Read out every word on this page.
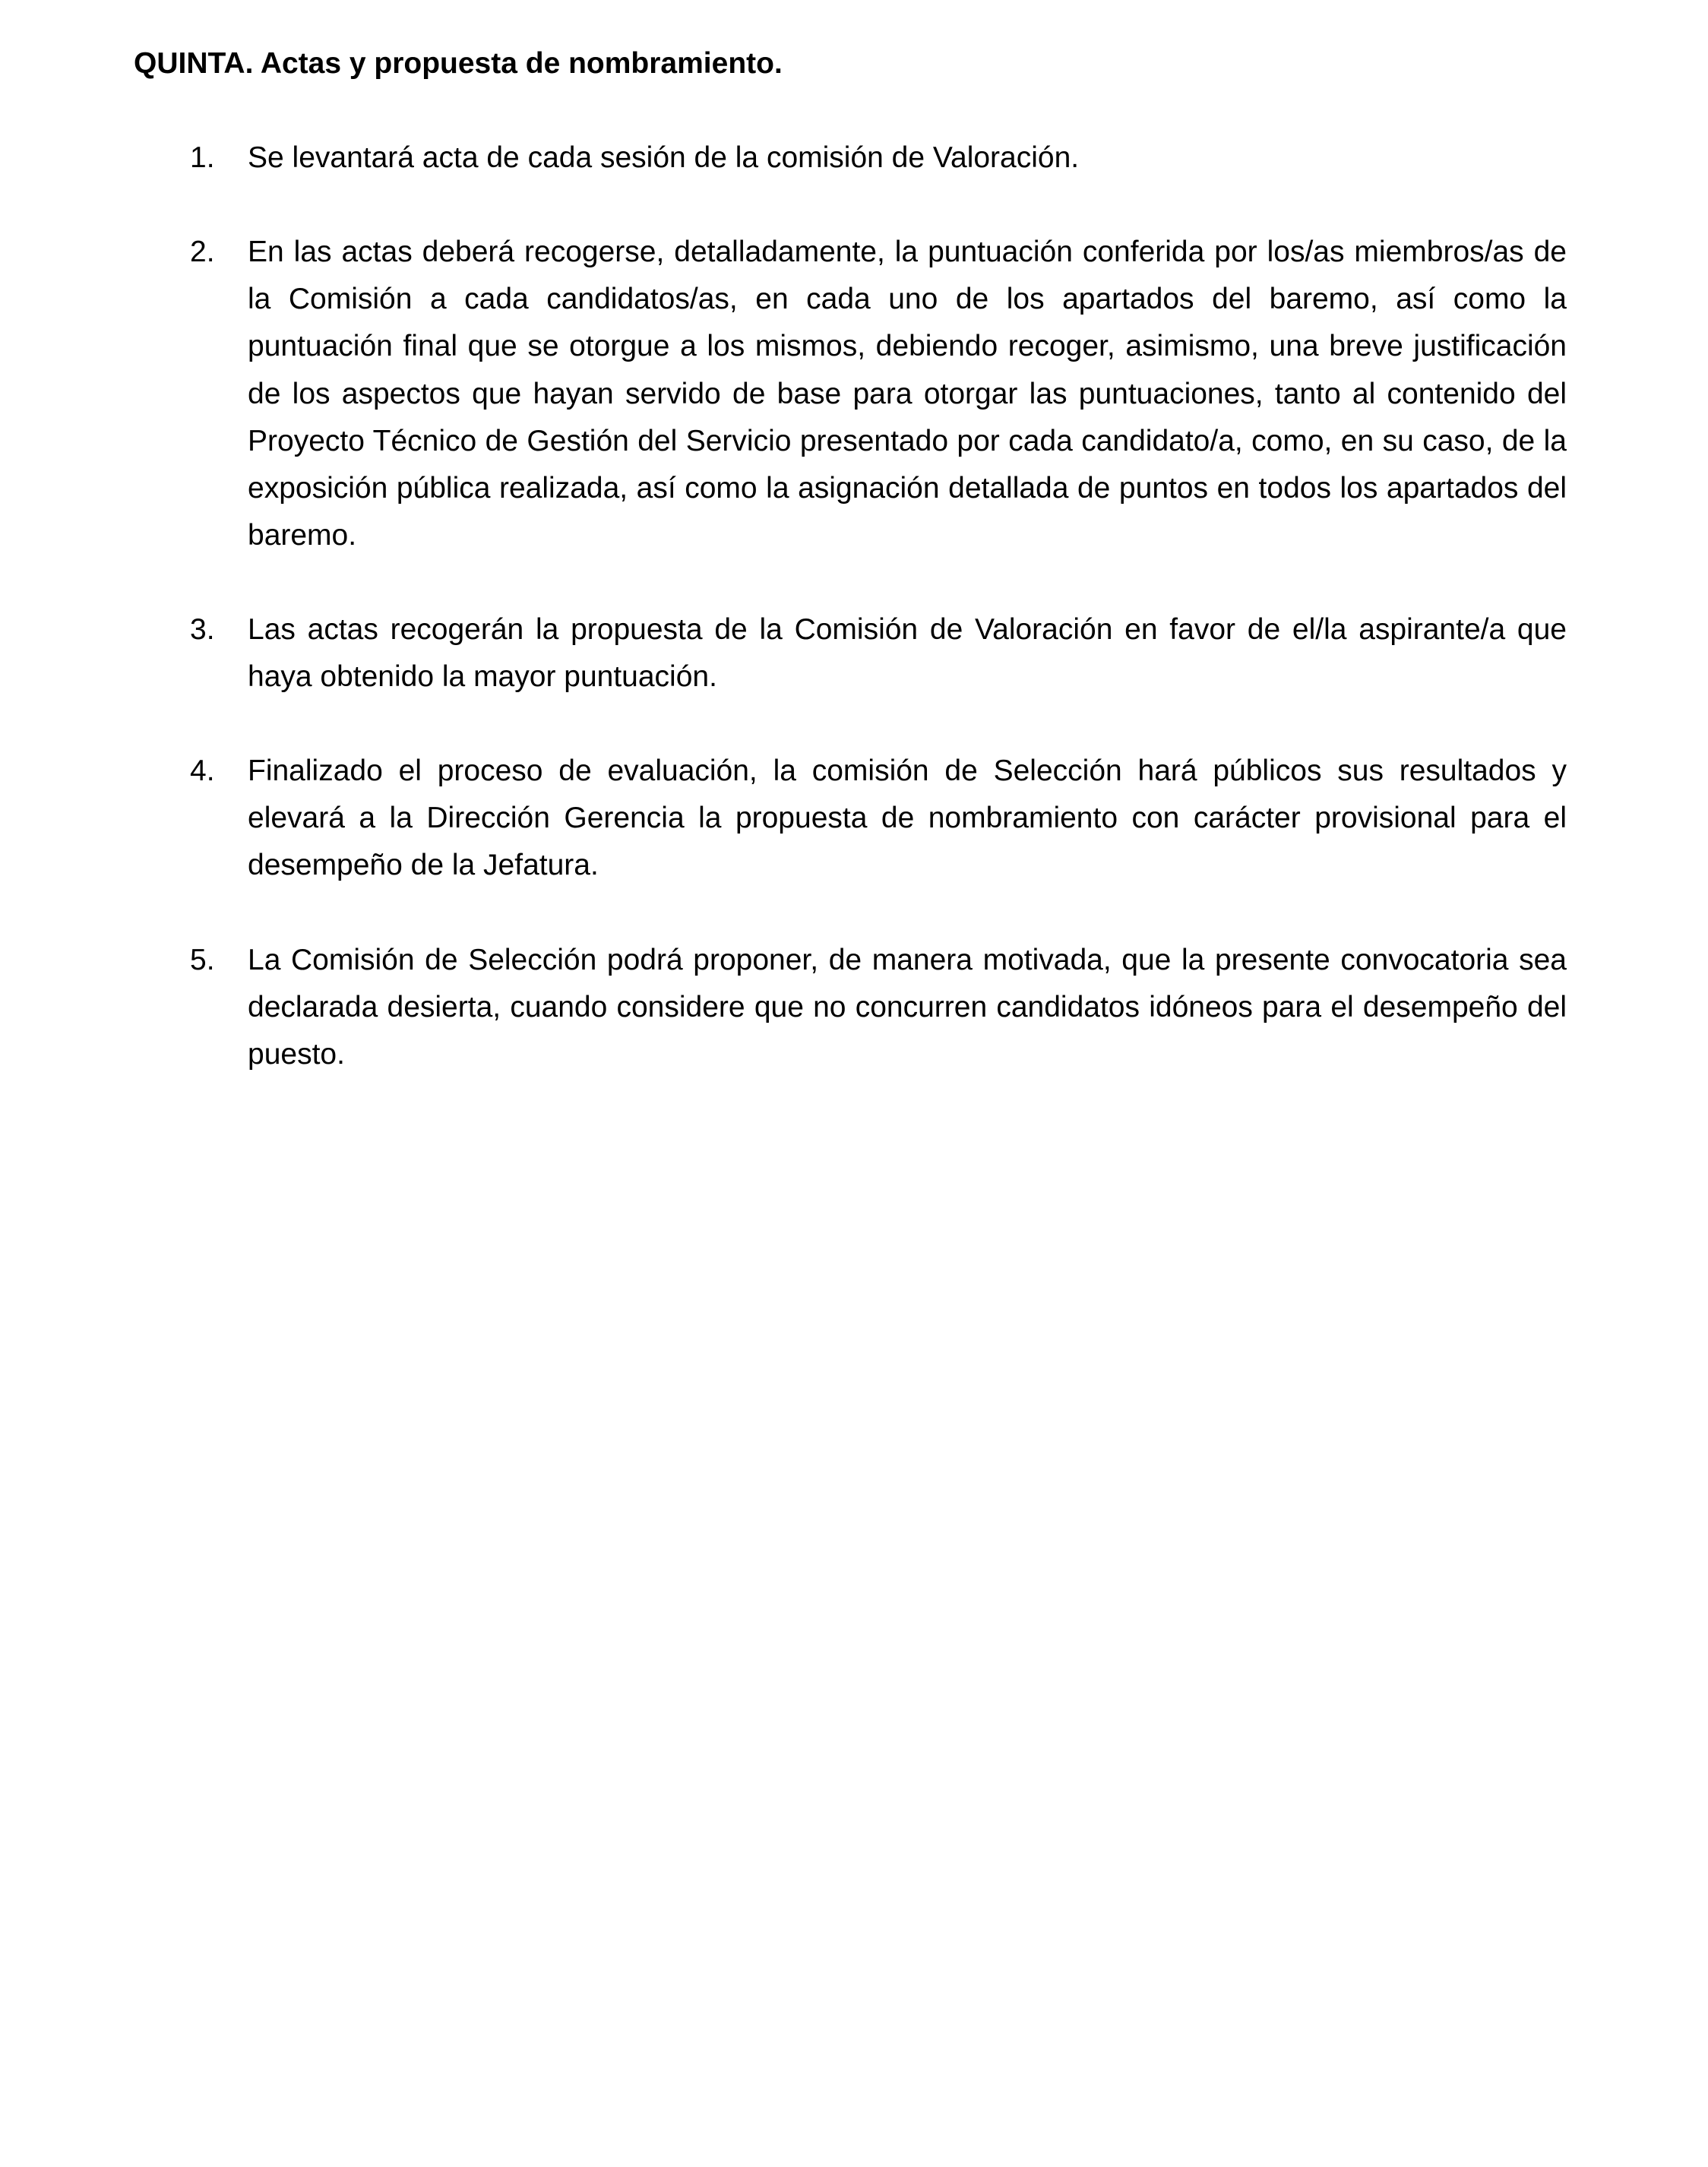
QUINTA. Actas y propuesta de nombramiento.
1.	Se levantará acta de cada sesión de la comisión de Valoración.
2.	En las actas deberá recogerse, detalladamente, la puntuación conferida por los/as miembros/as de la Comisión a cada candidatos/as, en cada uno de los apartados del baremo, así como la puntuación final que se otorgue a los mismos, debiendo recoger, asimismo, una breve justificación de los aspectos que hayan servido de base para otorgar las puntuaciones, tanto al contenido del Proyecto Técnico de Gestión del Servicio presentado por cada candidato/a, como, en su caso, de la exposición pública realizada, así como la asignación detallada de puntos en todos los apartados del baremo.
3.	Las actas recogerán la propuesta de la Comisión de Valoración en favor de el/la aspirante/a que haya obtenido la mayor puntuación.
4.	Finalizado el proceso de evaluación, la comisión de Selección hará públicos sus resultados y elevará a la Dirección Gerencia la propuesta de nombramiento con carácter provisional para el desempeño de la Jefatura.
5.	La Comisión de Selección podrá proponer, de manera motivada, que la presente convocatoria sea declarada desierta, cuando considere que no concurren candidatos idóneos para el desempeño del puesto.
